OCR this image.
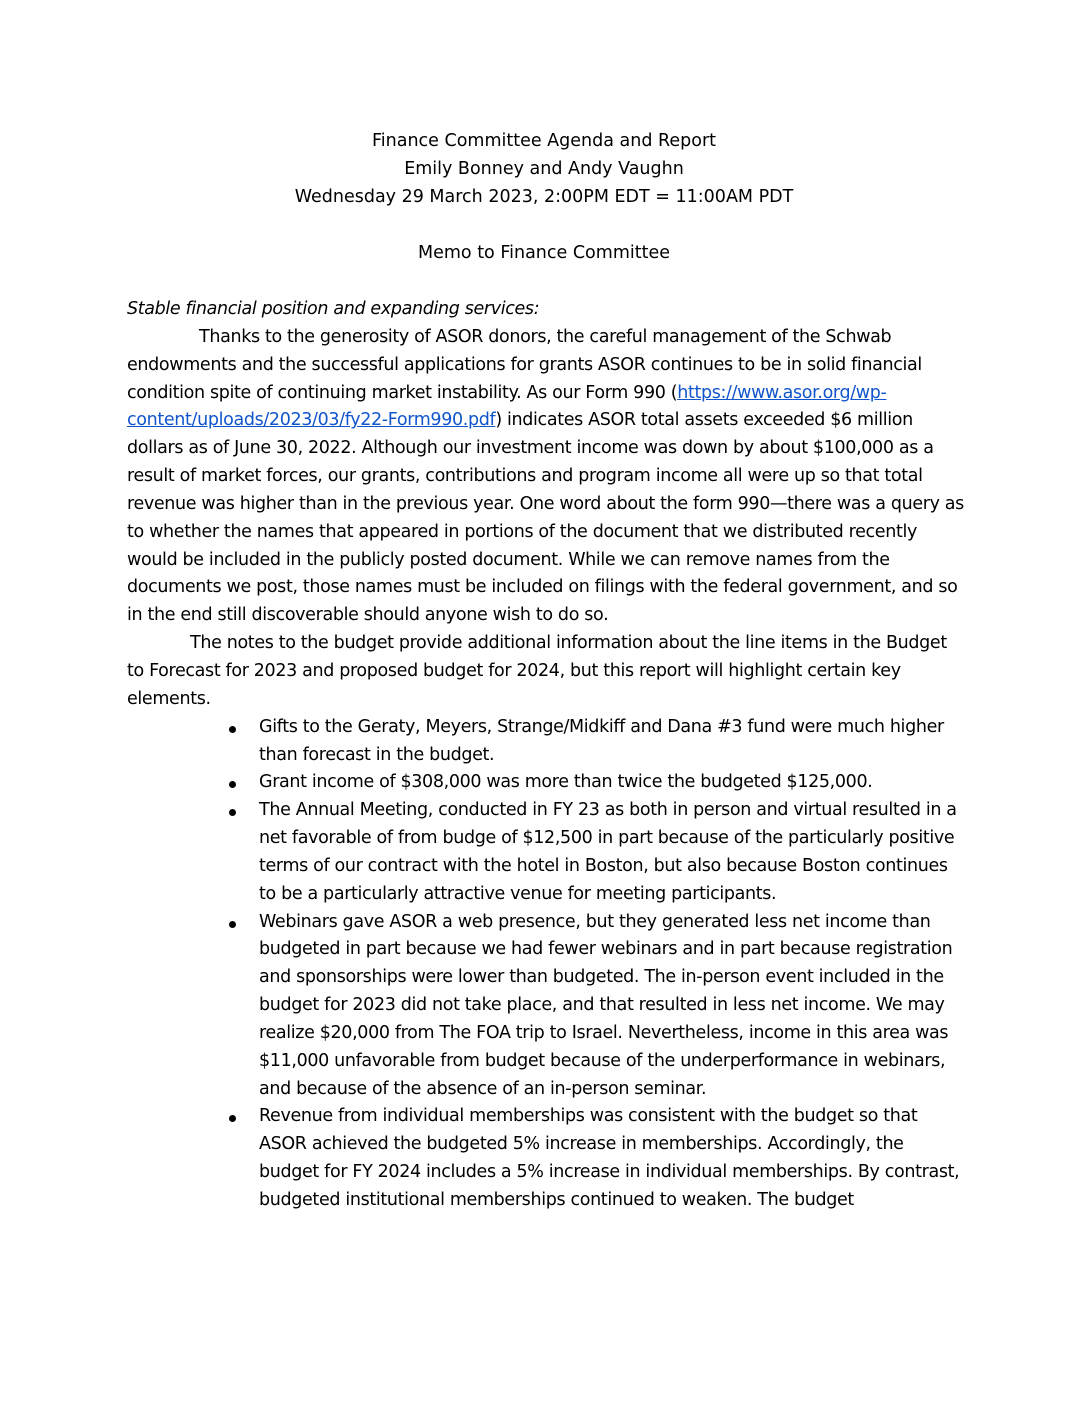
Finance Committee Agenda and Report
Emily Bonney and Andy Vaughn
Wednesday 29 March 2023, 2:00PM EDT = 11:00AM PDT
Memo to Finance Committee

Stable financial position and expanding services:

Thanks to the generosity of ASOR donors, the careful management of the Schwab endowments and the successful applications for grants ASOR continues to be in solid financial condition spite of continuing market instability. As our Form 990 (https://www.asor.org/wp-content/uploads/2023/03/fy22-Form990.pdf) indicates ASOR total assets exceeded $6 million dollars as of June 30, 2022. Although our investment income was down by about $100,000 as a result of market forces, our grants, contributions and program income all were up so that total revenue was higher than in the previous year. One word about the form 990—there was a query as to whether the names that appeared in portions of the document that we distributed recently would be included in the publicly posted document. While we can remove names from the documents we post, those names must be included on filings with the federal government, and so in the end still discoverable should anyone wish to do so.

The notes to the budget provide additional information about the line items in the Budget to Forecast for 2023 and proposed budget for 2024, but this report will highlight certain key elements.

Gifts to the Geraty, Meyers, Strange/Midkiff and Dana #3 fund were much higher than forecast in the budget.
Grant income of $308,000 was more than twice the budgeted $125,000.
The Annual Meeting, conducted in FY 23 as both in person and virtual resulted in a net favorable of from budge of $12,500 in part because of the particularly positive terms of our contract with the hotel in Boston, but also because Boston continues to be a particularly attractive venue for meeting participants.
Webinars gave ASOR a web presence, but they generated less net income than budgeted in part because we had fewer webinars and in part because registration and sponsorships were lower than budgeted. The in-person event included in the budget for 2023 did not take place, and that resulted in less net income. We may realize $20,000 from The FOA trip to Israel. Nevertheless, income in this area was $11,000 unfavorable from budget because of the underperformance in webinars, and because of the absence of an in-person seminar.
Revenue from individual memberships was consistent with the budget so that ASOR achieved the budgeted 5% increase in memberships. Accordingly, the budget for FY 2024 includes a 5% increase in individual memberships. By contrast, budgeted institutional memberships continued to weaken. The budget
